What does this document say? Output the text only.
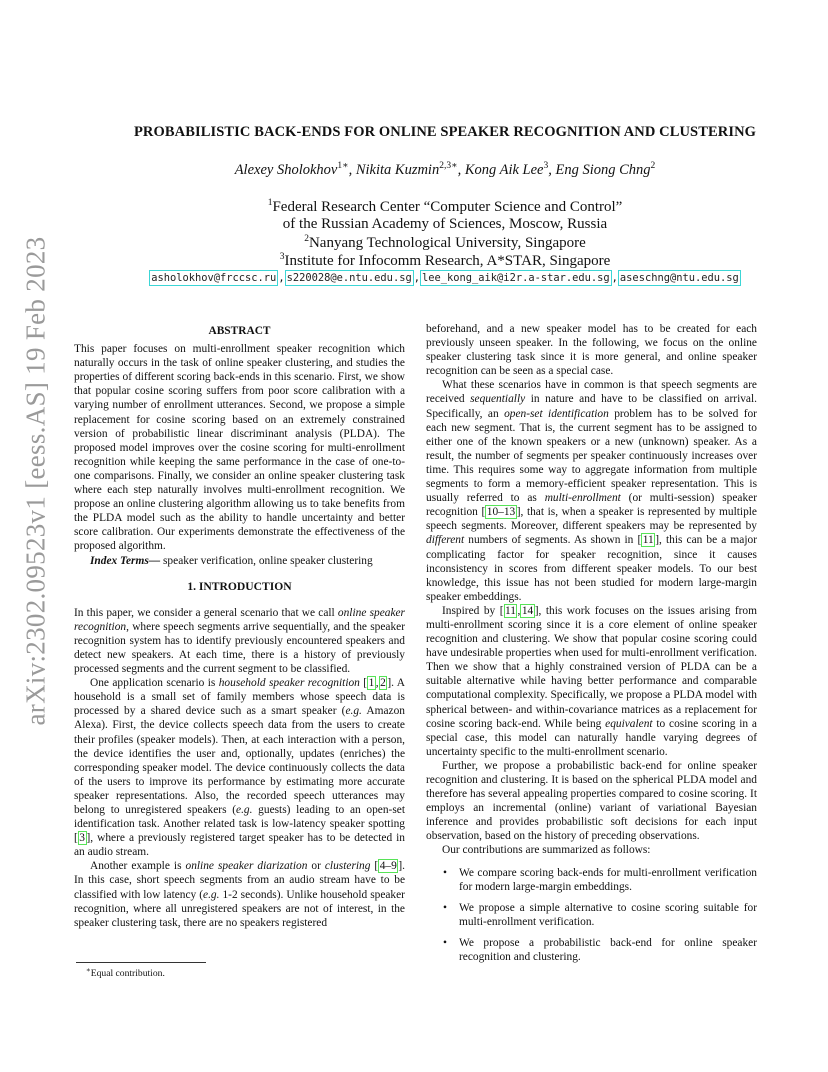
arXiv:2302.09523v1 [eess.AS] 19 Feb 2023
PROBABILISTIC BACK-ENDS FOR ONLINE SPEAKER RECOGNITION AND CLUSTERING
Alexey Sholokhov$^{1∗}$, Nikita Kuzmin$^{2,3∗}$, Kong Aik Lee$^3$, Eng Siong Chng$^2$
$^1$Federal Research Center “Computer Science and Control”
of the Russian Academy of Sciences, Moscow, Russia
$^2$Nanyang Technological University, Singapore
$^3$Institute for Infocomm Research, A*STAR, Singapore
asholokhov@frccsc.ru , s220028@e.ntu.edu.sg , lee_kong_aik@i2r.a-star.edu.sg , aseschng@ntu.edu.sg
ABSTRACT

This paper focuses on multi-enrollment speaker recognition which naturally occurs in the task of online speaker clustering, and studies the properties of different scoring back-ends in this scenario. First, we show that popular cosine scoring suffers from poor score calibration with a varying number of enrollment utterances. Second, we propose a simple replacement for cosine scoring based on an extremely constrained version of probabilistic linear discriminant analysis (PLDA). The proposed model improves over the cosine scoring for multi-enrollment recognition while keeping the same performance in the case of one-to-one comparisons. Finally, we consider an online speaker clustering task where each step naturally involves multi-enrollment recognition. We propose an online clustering algorithm allowing us to take benefits from the PLDA model such as the ability to handle uncertainty and better score calibration. Our experiments demonstrate the effectiveness of the proposed algorithm.

Index Terms— speaker verification, online speaker clustering

1. INTRODUCTION

In this paper, we consider a general scenario that we call online speaker recognition, where speech segments arrive sequentially, and the speaker recognition system has to identify previously encountered speakers and detect new speakers. At each time, there is a history of previously processed segments and the current segment to be classified.

One application scenario is household speaker recognition [ 1 , 2 ]. A household is a small set of family members whose speech data is processed by a shared device such as a smart speaker (e.g. Amazon Alexa). First, the device collects speech data from the users to create their profiles (speaker models). Then, at each interaction with a person, the device identifies the user and, optionally, updates (enriches) the corresponding speaker model. The device continuously collects the data of the users to improve its performance by estimating more accurate speaker representations. Also, the recorded speech utterances may belong to unregistered speakers (e.g. guests) leading to an open-set identification task. Another related task is low-latency speaker spotting [ 3 ], where a previously registered target speaker has to be detected in an audio stream.

Another example is online speaker diarization or clustering [ 4–9 ]. In this case, short speech segments from an audio stream have to be classified with low latency (e.g. 1-2 seconds). Unlike household speaker recognition, where all unregistered speakers are not of interest, in the speaker clustering task, there are no speakers registered

beforehand, and a new speaker model has to be created for each previously unseen speaker. In the following, we focus on the online speaker clustering task since it is more general, and online speaker recognition can be seen as a special case.

What these scenarios have in common is that speech segments are received sequentially in nature and have to be classified on arrival. Specifically, an open-set identification problem has to be solved for each new segment. That is, the current segment has to be assigned to either one of the known speakers or a new (unknown) speaker. As a result, the number of segments per speaker continuously increases over time. This requires some way to aggregate information from multiple segments to form a memory-efficient speaker representation. This is usually referred to as multi-enrollment (or multi-session) speaker recognition [ 10–13 ], that is, when a speaker is represented by multiple speech segments. Moreover, different speakers may be represented by different numbers of segments. As shown in [ 11 ], this can be a major complicating factor for speaker recognition, since it causes inconsistency in scores from different speaker models. To our best knowledge, this issue has not been studied for modern large-margin speaker embeddings.

Inspired by [ 11 , 14 ], this work focuses on the issues arising from multi-enrollment scoring since it is a core element of online speaker recognition and clustering. We show that popular cosine scoring could have undesirable properties when used for multi-enrollment verification. Then we show that a highly constrained version of PLDA can be a suitable alternative while having better performance and comparable computational complexity. Specifically, we propose a PLDA model with spherical between- and within-covariance matrices as a replacement for cosine scoring back-end. While being equivalent to cosine scoring in a special case, this model can naturally handle varying degrees of uncertainty specific to the multi-enrollment scenario.

Further, we propose a probabilistic back-end for online speaker recognition and clustering. It is based on the spherical PLDA model and therefore has several appealing properties compared to cosine scoring. It employs an incremental (online) variant of variational Bayesian inference and provides probabilistic soft decisions for each input observation, based on the history of preceding observations.

Our contributions are summarized as follows:

• We compare scoring back-ends for multi-enrollment verification for modern large-margin embeddings.
• We propose a simple alternative to cosine scoring suitable for multi-enrollment verification.
• We propose a probabilistic back-end for online speaker recognition and clustering.
∗Equal contribution.
